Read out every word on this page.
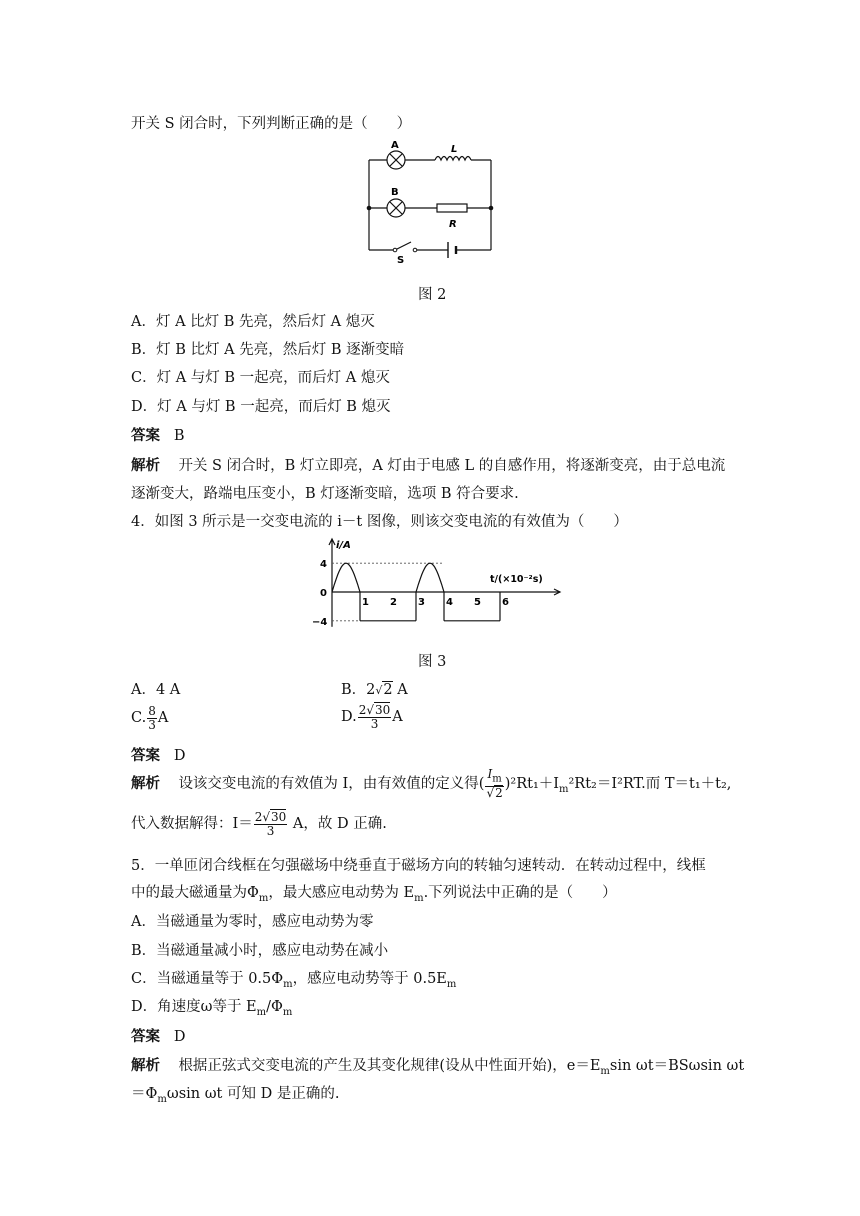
开关 S 闭合时，下列判断正确的是（　　）
A
B
L
R
S
图 2
A．灯 A 比灯 B 先亮，然后灯 A 熄灭
B．灯 B 比灯 A 先亮，然后灯 B 逐渐变暗
C．灯 A 与灯 B 一起亮，而后灯 A 熄灭
D．灯 A 与灯 B 一起亮，而后灯 B 熄灭
答案 B
解析 开关 S 闭合时，B 灯立即亮，A 灯由于电感 L 的自感作用，将逐渐变亮，由于总电流
逐渐变大，路端电压变小，B 灯逐渐变暗，选项 B 符合要求.
4．如图 3 所示是一交变电流的 i－t 图像，则该交变电流的有效值为（　　）
1 2 3 4 5 6
4
0
−4
i/A
t/(×10⁻²s)
图 3
A．4 A	B．2√2 A
C. $\frac{8}{3}$ A	D. $\frac{2√30}{3}$ A
答案 D
解析 设该交变电流的有效值为 I，由有效值的定义得( $\frac{I_m}{√2} )^2Rt_1+I_m^2Rt_2=I^2RT$.而 T＝t₁＋t₂,
代入数据解得：$I= \frac{2√30}{3}$ A，故 D 正确.
5．一单匝闭合线框在匀强磁场中绕垂直于磁场方向的转轴匀速转动．在转动过程中，线框
中的最大磁通量为$\Phi_m$，最大感应电动势为 $E_m$.下列说法中正确的是（　　）
A．当磁通量为零时，感应电动势为零
B．当磁通量减小时，感应电动势在减小
C．当磁通量等于 $0.5\Phi_m$，感应电动势等于 $0.5E_m$
D．角速度ω等于 $E_m/\Phi_m$
答案 D
解析 根据正弦式交变电流的产生及其变化规律(设从中性面开始)，$e=E_m\sin$ ωt＝BSωsin ωt
$=\Phi_m\omega\sin$ ωt 可知 D 是正确的.
